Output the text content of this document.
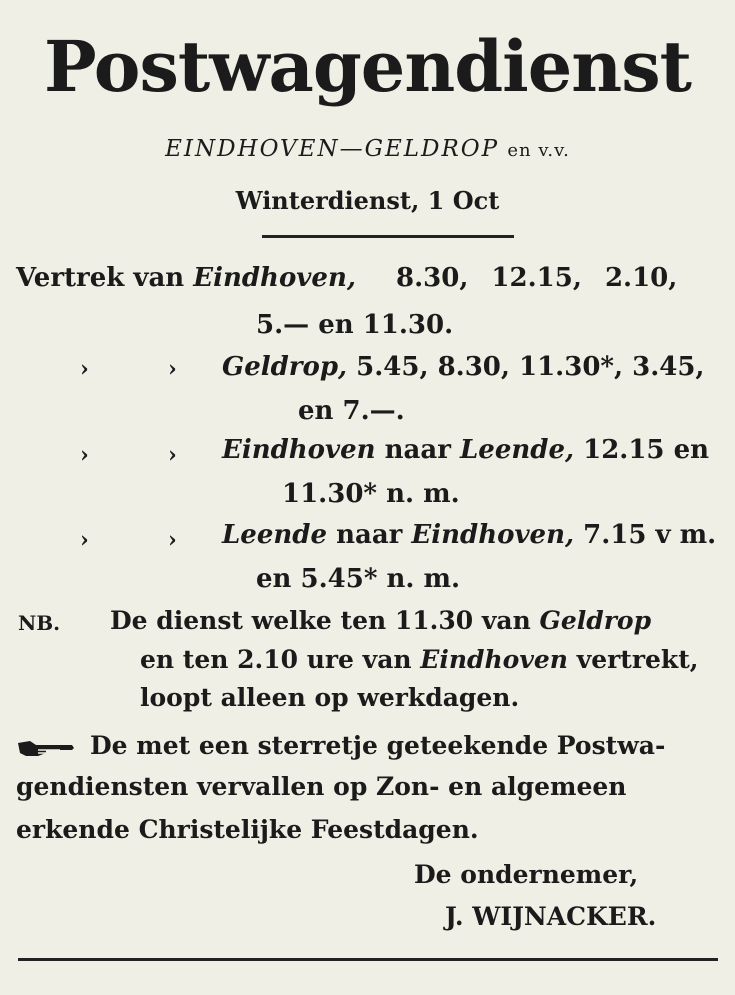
Postwagendienst
EINDHOVEN—GELDROP en v.v.
Winterdienst, 1 Oct
Vertrek van Eindhoven, 8.30, 12.15, 2.10,
5.— en 11.30.
›	› Geldrop, 5.45, 8.30, 11.30*, 3.45,
en 7.—.
›	› Eindhoven naar Leende, 12.15 en
11.30* n. m.
›	› Leende naar Eindhoven, 7.15 v m.
en 5.45* n. m.
NB. De dienst welke ten 11.30 van Geldrop
en ten 2.10 ure van Eindhoven vertrekt,
loopt alleen op werkdagen.
De met een sterretje geteekende Postwa-
gendiensten vervallen op Zon- en algemeen
erkende Christelijke Feestdagen.
De ondernemer,
J. WIJNACKER.
